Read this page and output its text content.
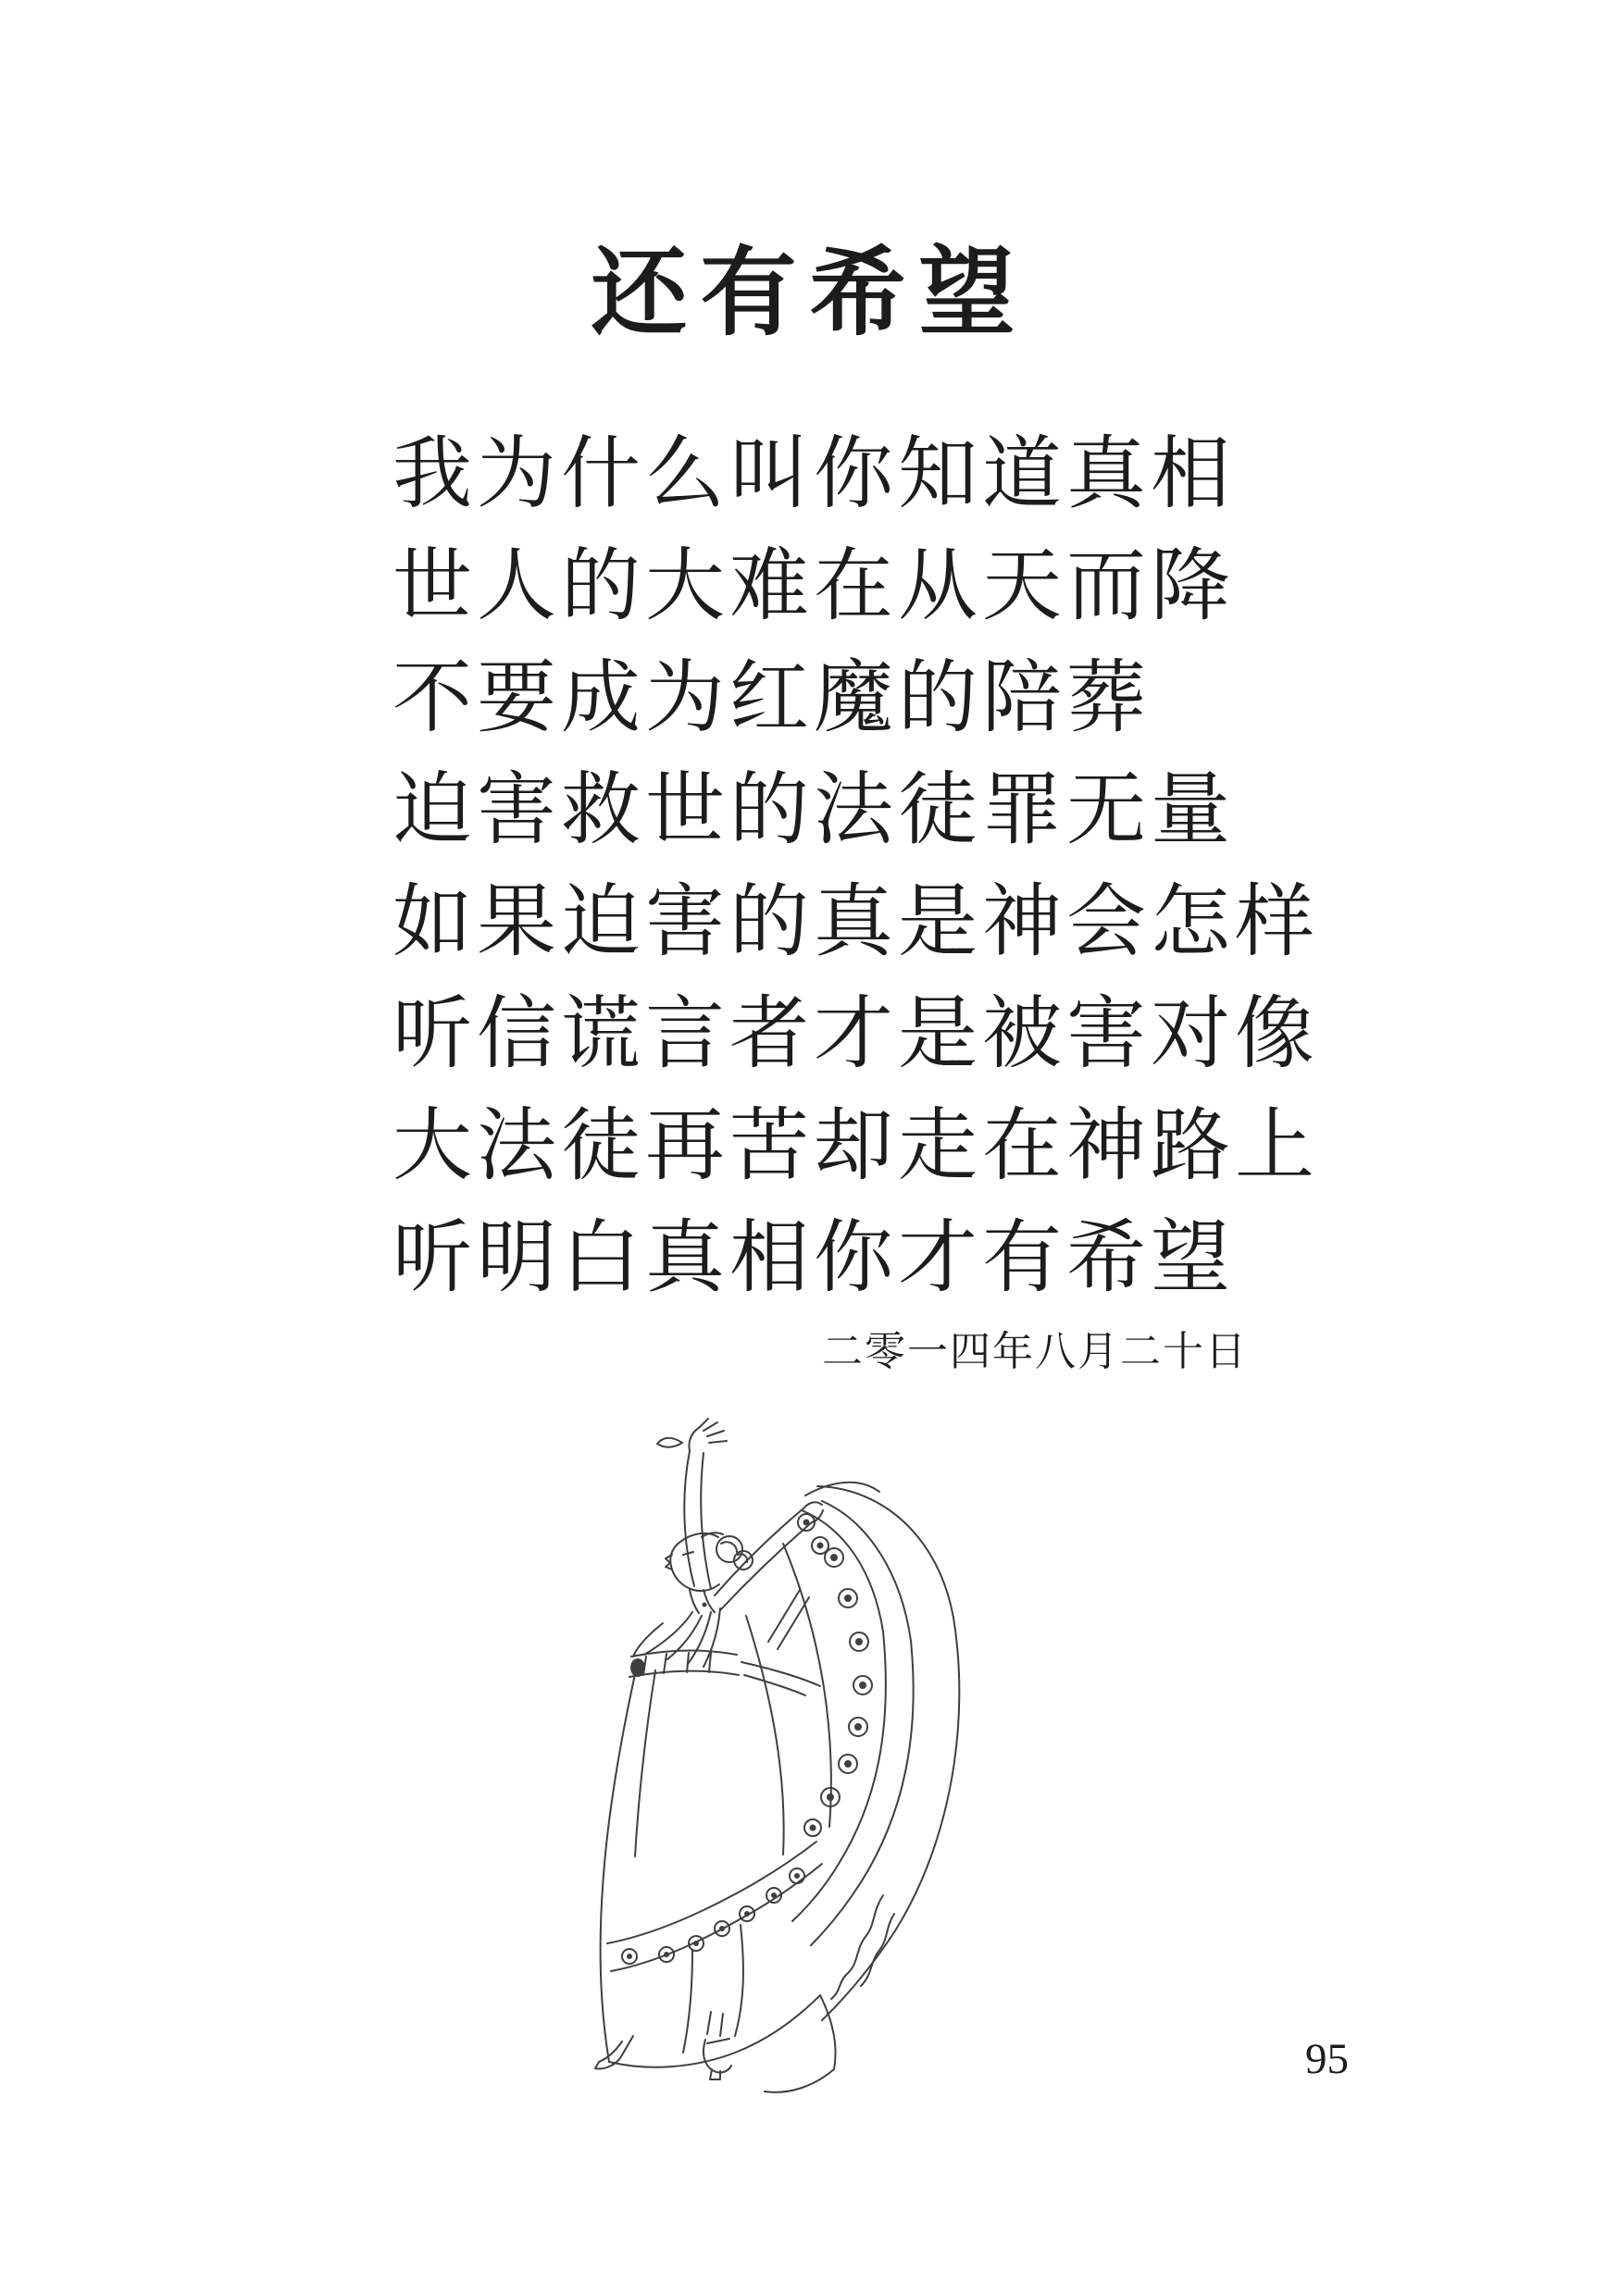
还有希望
我为什么叫你知道真相
世人的大难在从天而降
不要成为红魔的陪葬
迫害救世的法徒罪无量
如果迫害的真是神会怎样
听信谎言者才是被害对像
大法徒再苦却走在神路上
听明白真相你才有希望
二零一四年八月二十日
95
